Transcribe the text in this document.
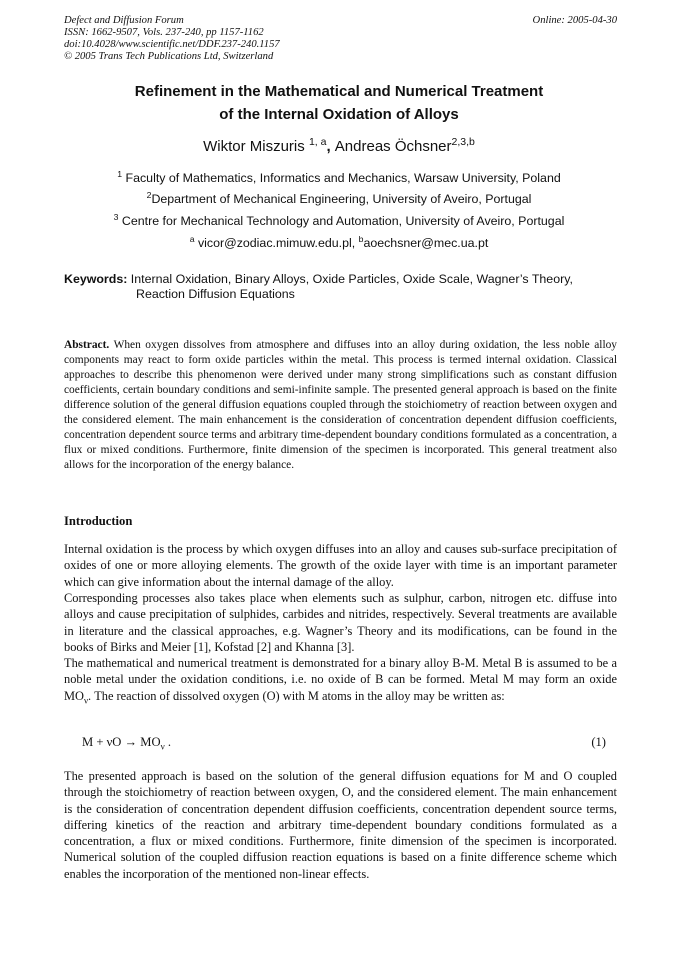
Defect and Diffusion Forum
ISSN: 1662-9507, Vols. 237-240, pp 1157-1162
doi:10.4028/www.scientific.net/DDF.237-240.1157
© 2005 Trans Tech Publications Ltd, Switzerland
Online: 2005-04-30
Refinement in the Mathematical and Numerical Treatment
of the Internal Oxidation of Alloys
Wiktor Miszuris $^{1, a}$, Andreas Öchsner$^{2,3,b}$
$^1$ Faculty of Mathematics, Informatics and Mechanics, Warsaw University, Poland
$^2$Department of Mechanical Engineering, University of Aveiro, Portugal
$^3$ Centre for Mechanical Technology and Automation, University of Aveiro, Portugal
$^a$ vicor@zodiac.mimuw.edu.pl, $^b$aoechsner@mec.ua.pt
Keywords: Internal Oxidation, Binary Alloys, Oxide Particles, Oxide Scale, Wagner’s Theory,
Reaction Diffusion Equations

Abstract. When oxygen dissolves from atmosphere and diffuses into an alloy during oxidation, the less noble alloy components may react to form oxide particles within the metal. This process is termed internal oxidation. Classical approaches to describe this phenomenon were derived under many strong simplifications such as constant diffusion coefficients, certain boundary conditions and semi-infinite sample. The presented general approach is based on the finite difference solution of the general diffusion equations coupled through the stoichiometry of reaction between oxygen and the considered element. The main enhancement is the consideration of concentration dependent diffusion coefficients, concentration dependent source terms and arbitrary time-dependent boundary conditions formulated as a concentration, a flux or mixed conditions. Furthermore, finite dimension of the specimen is incorporated. This general treatment also allows for the incorporation of the energy balance.

Introduction

Internal oxidation is the process by which oxygen diffuses into an alloy and causes sub-surface precipitation of oxides of one or more alloying elements. The growth of the oxide layer with time is an important parameter which can give information about the internal damage of the alloy.

Corresponding processes also takes place when elements such as sulphur, carbon, nitrogen etc. diffuse into alloys and cause precipitation of sulphides, carbides and nitrides, respectively. Several treatments are available in literature and the classical approaches, e.g. Wagner’s Theory and its modifications, can be found in the books of Birks and Meier [1], Kofstad [2] and Khanna [3].

The mathematical and numerical treatment is demonstrated for a binary alloy B-M. Metal B is assumed to be a noble metal under the oxidation conditions, i.e. no oxide of B can be formed. Metal M may form an oxide $MO_\nu$. The reaction of dissolved oxygen (O) with M atoms in the alloy may be written as:

$M + \nu O \to MO_\nu$ .	(1)

The presented approach is based on the solution of the general diffusion equations for M and O coupled through the stoichiometry of reaction between oxygen, O, and the considered element. The main enhancement is the consideration of concentration dependent diffusion coefficients, concentration dependent source terms, differing kinetics of the reaction and arbitrary time-dependent boundary conditions formulated as a concentration, a flux or mixed conditions. Furthermore, finite dimension of the specimen is incorporated. Numerical solution of the coupled diffusion reaction equations is based on a finite difference scheme which enables the incorporation of the mentioned non-linear effects.
